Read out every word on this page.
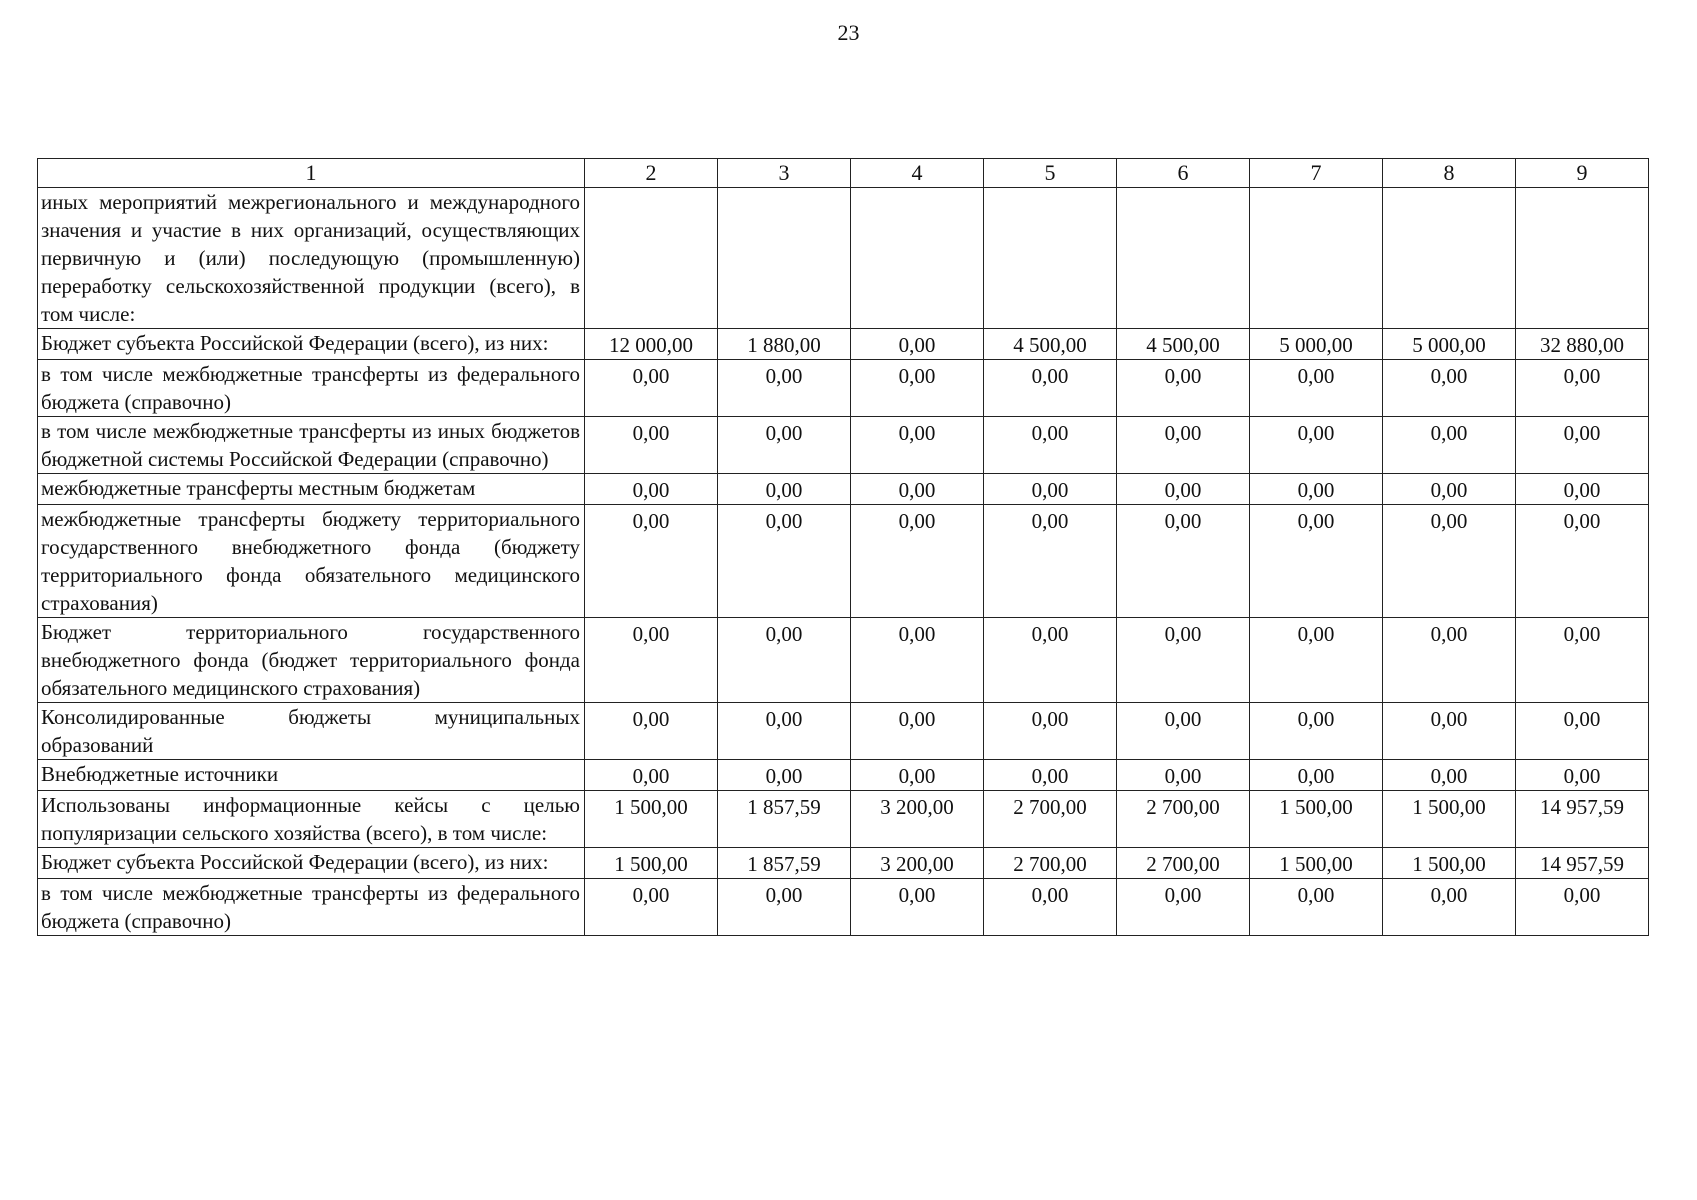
23
1	2	3	4	5	6	7	8	9
иных мероприятий межрегионального и международного значения и участие в них организаций, осуществляющих первичную и (или) последующую (промышленную) переработку сельскохозяйственной продукции (всего), в том числе:								
Бюджет субъекта Российской Федерации (всего), из них:	12 000,00	1 880,00	0,00	4 500,00	4 500,00	5 000,00	5 000,00	32 880,00
в том числе межбюджетные трансферты из федерального бюджета (справочно)	0,00	0,00	0,00	0,00	0,00	0,00	0,00	0,00
в том числе межбюджетные трансферты из иных бюджетов бюджетной системы Российской Федерации (справочно)	0,00	0,00	0,00	0,00	0,00	0,00	0,00	0,00
межбюджетные трансферты местным бюджетам	0,00	0,00	0,00	0,00	0,00	0,00	0,00	0,00
межбюджетные трансферты бюджету территориального государственного внебюджетного фонда (бюджету территориального фонда обязательного медицинского страхования)	0,00	0,00	0,00	0,00	0,00	0,00	0,00	0,00
Бюджет территориального государственного внебюджетного фонда (бюджет территориального фонда обязательного медицинского страхования)	0,00	0,00	0,00	0,00	0,00	0,00	0,00	0,00
Консолидированные бюджеты муниципальных образований	0,00	0,00	0,00	0,00	0,00	0,00	0,00	0,00
Внебюджетные источники	0,00	0,00	0,00	0,00	0,00	0,00	0,00	0,00
Использованы информационные кейсы с целью популяризации сельского хозяйства (всего), в том числе:	1 500,00	1 857,59	3 200,00	2 700,00	2 700,00	1 500,00	1 500,00	14 957,59
Бюджет субъекта Российской Федерации (всего), из них:	1 500,00	1 857,59	3 200,00	2 700,00	2 700,00	1 500,00	1 500,00	14 957,59
в том числе межбюджетные трансферты из федерального бюджета (справочно)	0,00	0,00	0,00	0,00	0,00	0,00	0,00	0,00
